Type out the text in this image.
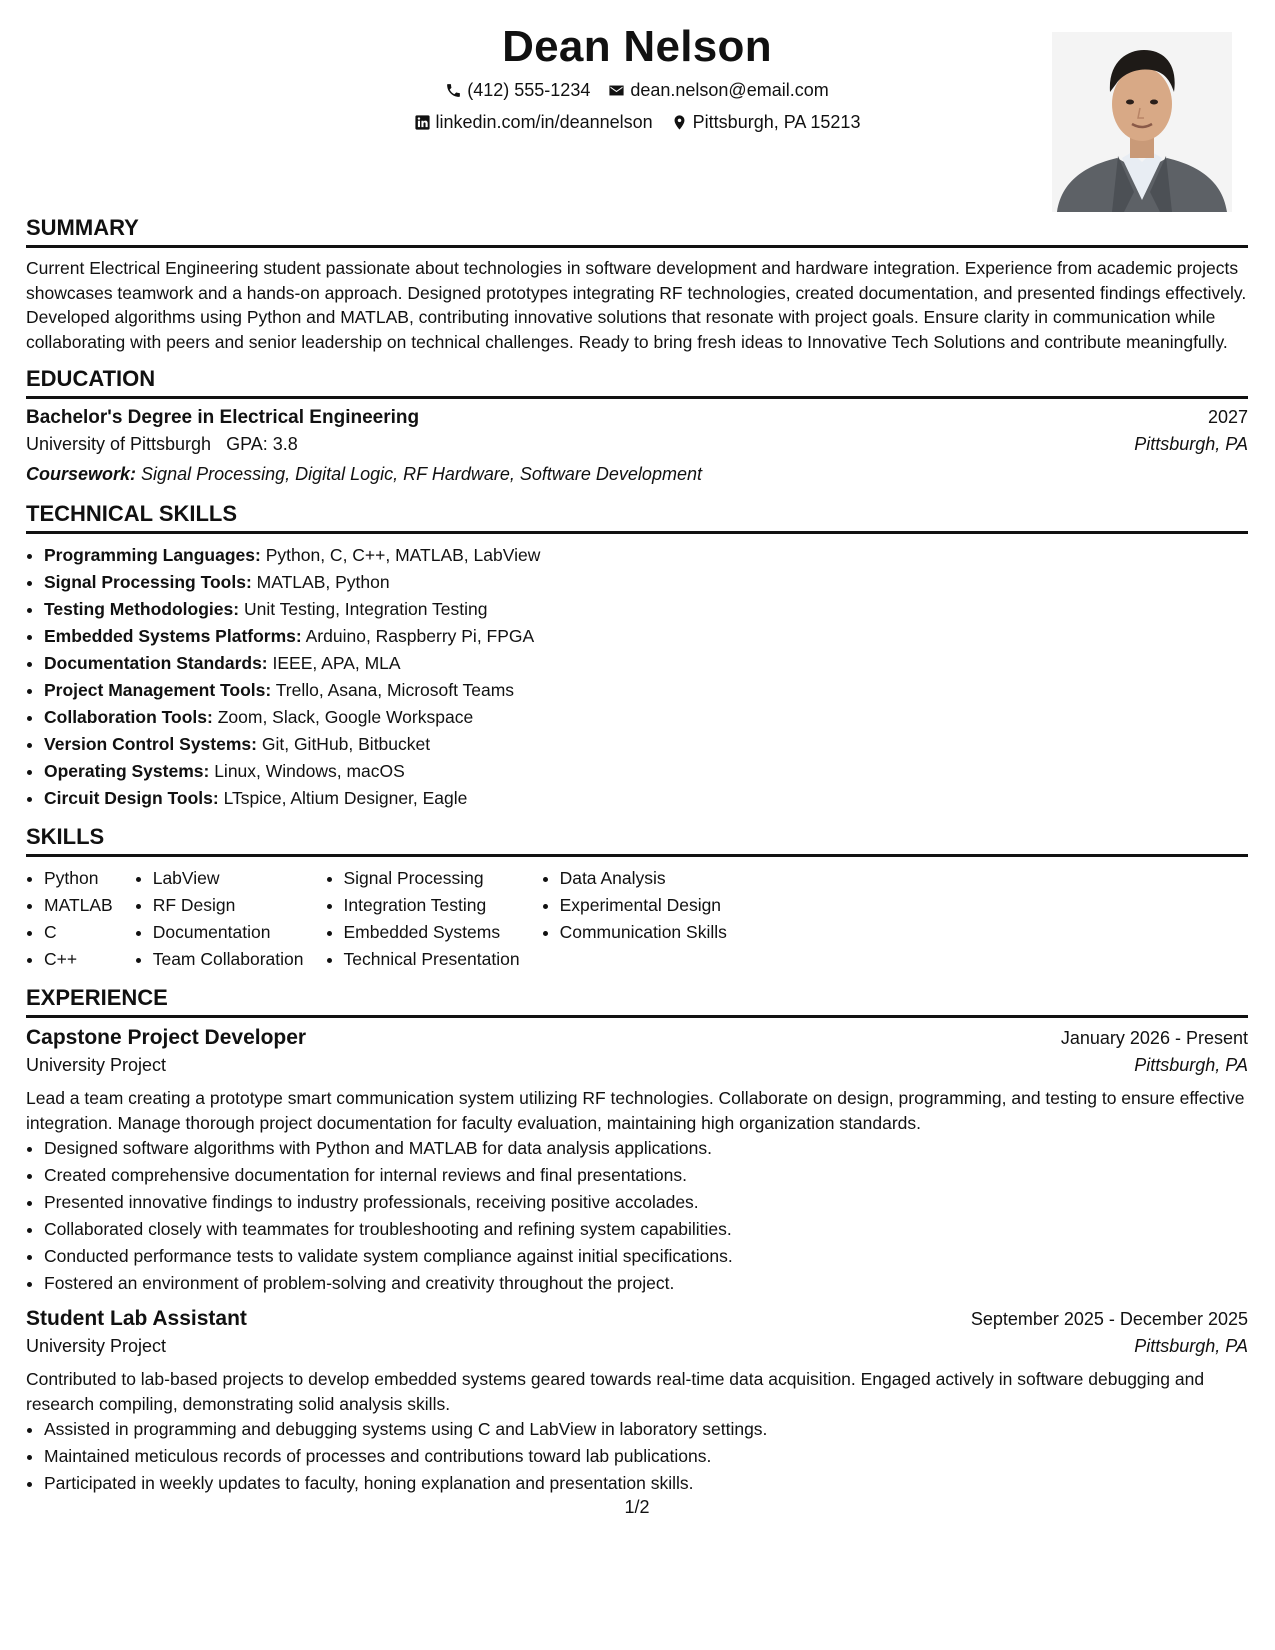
Dean Nelson
(412) 555-1234 dean.nelson@email.com
linkedin.com/in/deannelson Pittsburgh, PA 15213
SUMMARY
Current Electrical Engineering student passionate about technologies in software development and hardware integration. Experience from academic projects showcases teamwork and a hands-on approach. Designed prototypes integrating RF technologies, created documentation, and presented findings effectively. Developed algorithms using Python and MATLAB, contributing innovative solutions that resonate with project goals. Ensure clarity in communication while collaborating with peers and senior leadership on technical challenges. Ready to bring fresh ideas to Innovative Tech Solutions and contribute meaningfully.
EDUCATION
Bachelor's Degree in Electrical Engineering	2027
University of Pittsburgh GPA: 3.8	Pittsburgh, PA
Coursework: Signal Processing, Digital Logic, RF Hardware, Software Development
TECHNICAL SKILLS
• Programming Languages: Python, C, C++, MATLAB, LabView
• Signal Processing Tools: MATLAB, Python
• Testing Methodologies: Unit Testing, Integration Testing
• Embedded Systems Platforms: Arduino, Raspberry Pi, FPGA
• Documentation Standards: IEEE, APA, MLA
• Project Management Tools: Trello, Asana, Microsoft Teams
• Collaboration Tools: Zoom, Slack, Google Workspace
• Version Control Systems: Git, GitHub, Bitbucket
• Operating Systems: Linux, Windows, macOS
• Circuit Design Tools: LTspice, Altium Designer, Eagle
SKILLS
• Python
• MATLAB
• C
• C++
• LabView
• RF Design
• Documentation
• Team Collaboration
• Signal Processing
• Integration Testing
• Embedded Systems
• Technical Presentation
• Data Analysis
• Experimental Design
• Communication Skills
EXPERIENCE
Capstone Project Developer	January 2026 - Present
University Project	Pittsburgh, PA
Lead a team creating a prototype smart communication system utilizing RF technologies. Collaborate on design, programming, and testing to ensure effective integration. Manage thorough project documentation for faculty evaluation, maintaining high organization standards.
• Designed software algorithms with Python and MATLAB for data analysis applications.
• Created comprehensive documentation for internal reviews and final presentations.
• Presented innovative findings to industry professionals, receiving positive accolades.
• Collaborated closely with teammates for troubleshooting and refining system capabilities.
• Conducted performance tests to validate system compliance against initial specifications.
• Fostered an environment of problem-solving and creativity throughout the project.
Student Lab Assistant	September 2025 - December 2025
University Project	Pittsburgh, PA
Contributed to lab-based projects to develop embedded systems geared towards real-time data acquisition. Engaged actively in software debugging and research compiling, demonstrating solid analysis skills.
• Assisted in programming and debugging systems using C and LabView in laboratory settings.
• Maintained meticulous records of processes and contributions toward lab publications.
• Participated in weekly updates to faculty, honing explanation and presentation skills.
1/2
